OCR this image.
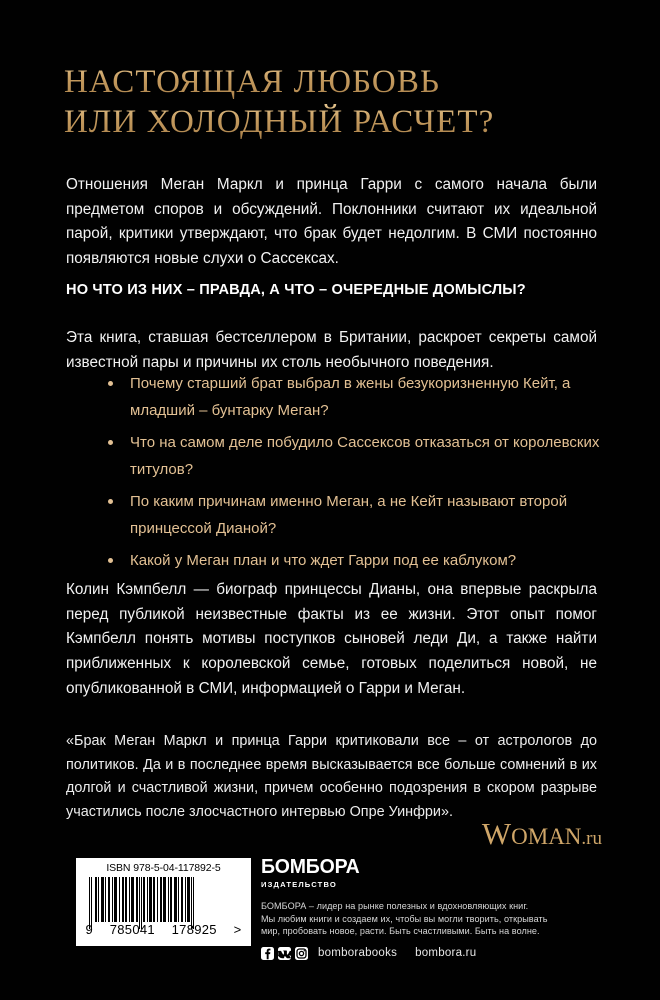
НАСТОЯЩАЯ ЛЮБОВЬ
ИЛИ ХОЛОДНЫЙ РАСЧЕТ?

Отношения Меган Маркл и принца Гарри с самого начала были предметом споров и обсуждений. Поклонники считают их идеальной парой, критики утверждают, что брак будет недолгим. В СМИ постоянно появляются новые слухи о Сассексах.

НО ЧТО ИЗ НИХ – ПРАВДА, А ЧТО – ОЧЕРЕДНЫЕ ДОМЫСЛЫ?

Эта книга, ставшая бестселлером в Британии, раскроет секреты самой известной пары и причины их столь необычного поведения.

Почему старший брат выбрал в жены безукоризненную Кейт, а младший – бунтарку Меган?
Что на самом деле побудило Сассексов отказаться от королевских титулов?
По каким причинам именно Меган, а не Кейт называют второй принцессой Дианой?
Какой у Меган план и что ждет Гарри под ее каблуком?

Колин Кэмпбелл — биограф принцессы Дианы, она впервые раскрыла перед публикой неизвестные факты из ее жизни. Этот опыт помог Кэмпбелл понять мотивы поступков сыновей леди Ди, а также найти приближенных к королевской семье, готовых поделиться новой, не опубликованной в СМИ, информацией о Гарри и Меган.

«Брак Меган Маркл и принца Гарри критиковали все – от астрологов до политиков. Да и в последнее время высказывается все больше сомнений в их долгой и счастливой жизни, причем особенно подозрения в скором разрыве участились после злосчастного интервью Опре Уинфри».

WOMAN.ru
ISBN 978-5-04-117892-5
9 785041 178925 >
БОМБОРА
ИЗДАТЕЛЬСТВО
БОМБОРА – лидер на рынке полезных и вдохновляющих книг.
Мы любим книги и создаем их, чтобы вы могли творить, открывать
мир, пробовать новое, расти. Быть счастливыми. Быть на волне.
bomborabooks bombora.ru
